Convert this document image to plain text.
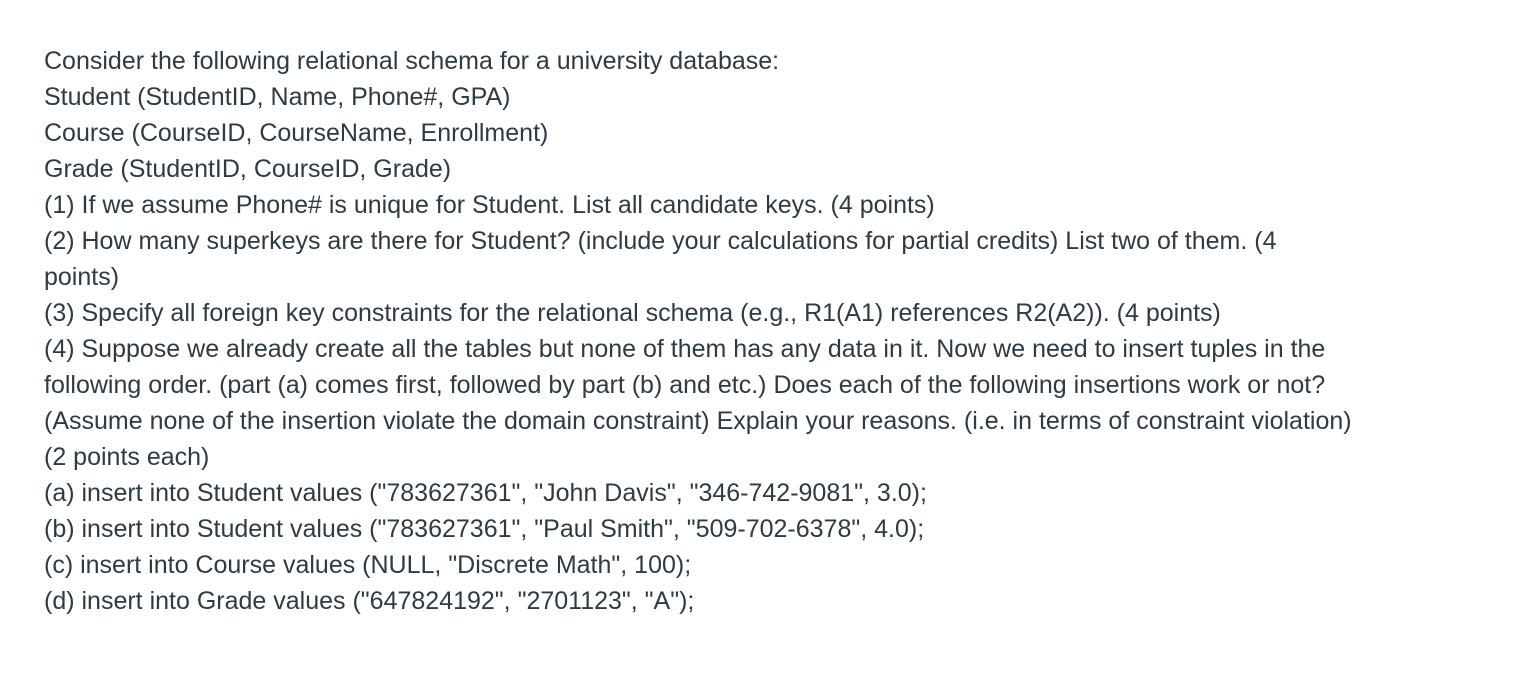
Consider the following relational schema for a university database:
Student (StudentID, Name, Phone#, GPA)
Course (CourseID, CourseName, Enrollment)
Grade (StudentID, CourseID, Grade)
(1) If we assume Phone# is unique for Student. List all candidate keys. (4 points)
(2) How many superkeys are there for Student? (include your calculations for partial credits) List two of them. (4 points)
(3) Specify all foreign key constraints for the relational schema (e.g., R1(A1) references R2(A2)). (4 points)
(4) Suppose we already create all the tables but none of them has any data in it. Now we need to insert tuples in the following order. (part (a) comes first, followed by part (b) and etc.) Does each of the following insertions work or not? (Assume none of the insertion violate the domain constraint) Explain your reasons. (i.e. in terms of constraint violation) (2 points each)
(a) insert into Student values ("783627361", "John Davis", "346-742-9081", 3.0);
(b) insert into Student values ("783627361", "Paul Smith", "509-702-6378", 4.0);
(c) insert into Course values (NULL, "Discrete Math", 100);
(d) insert into Grade values ("647824192", "2701123", "A");
